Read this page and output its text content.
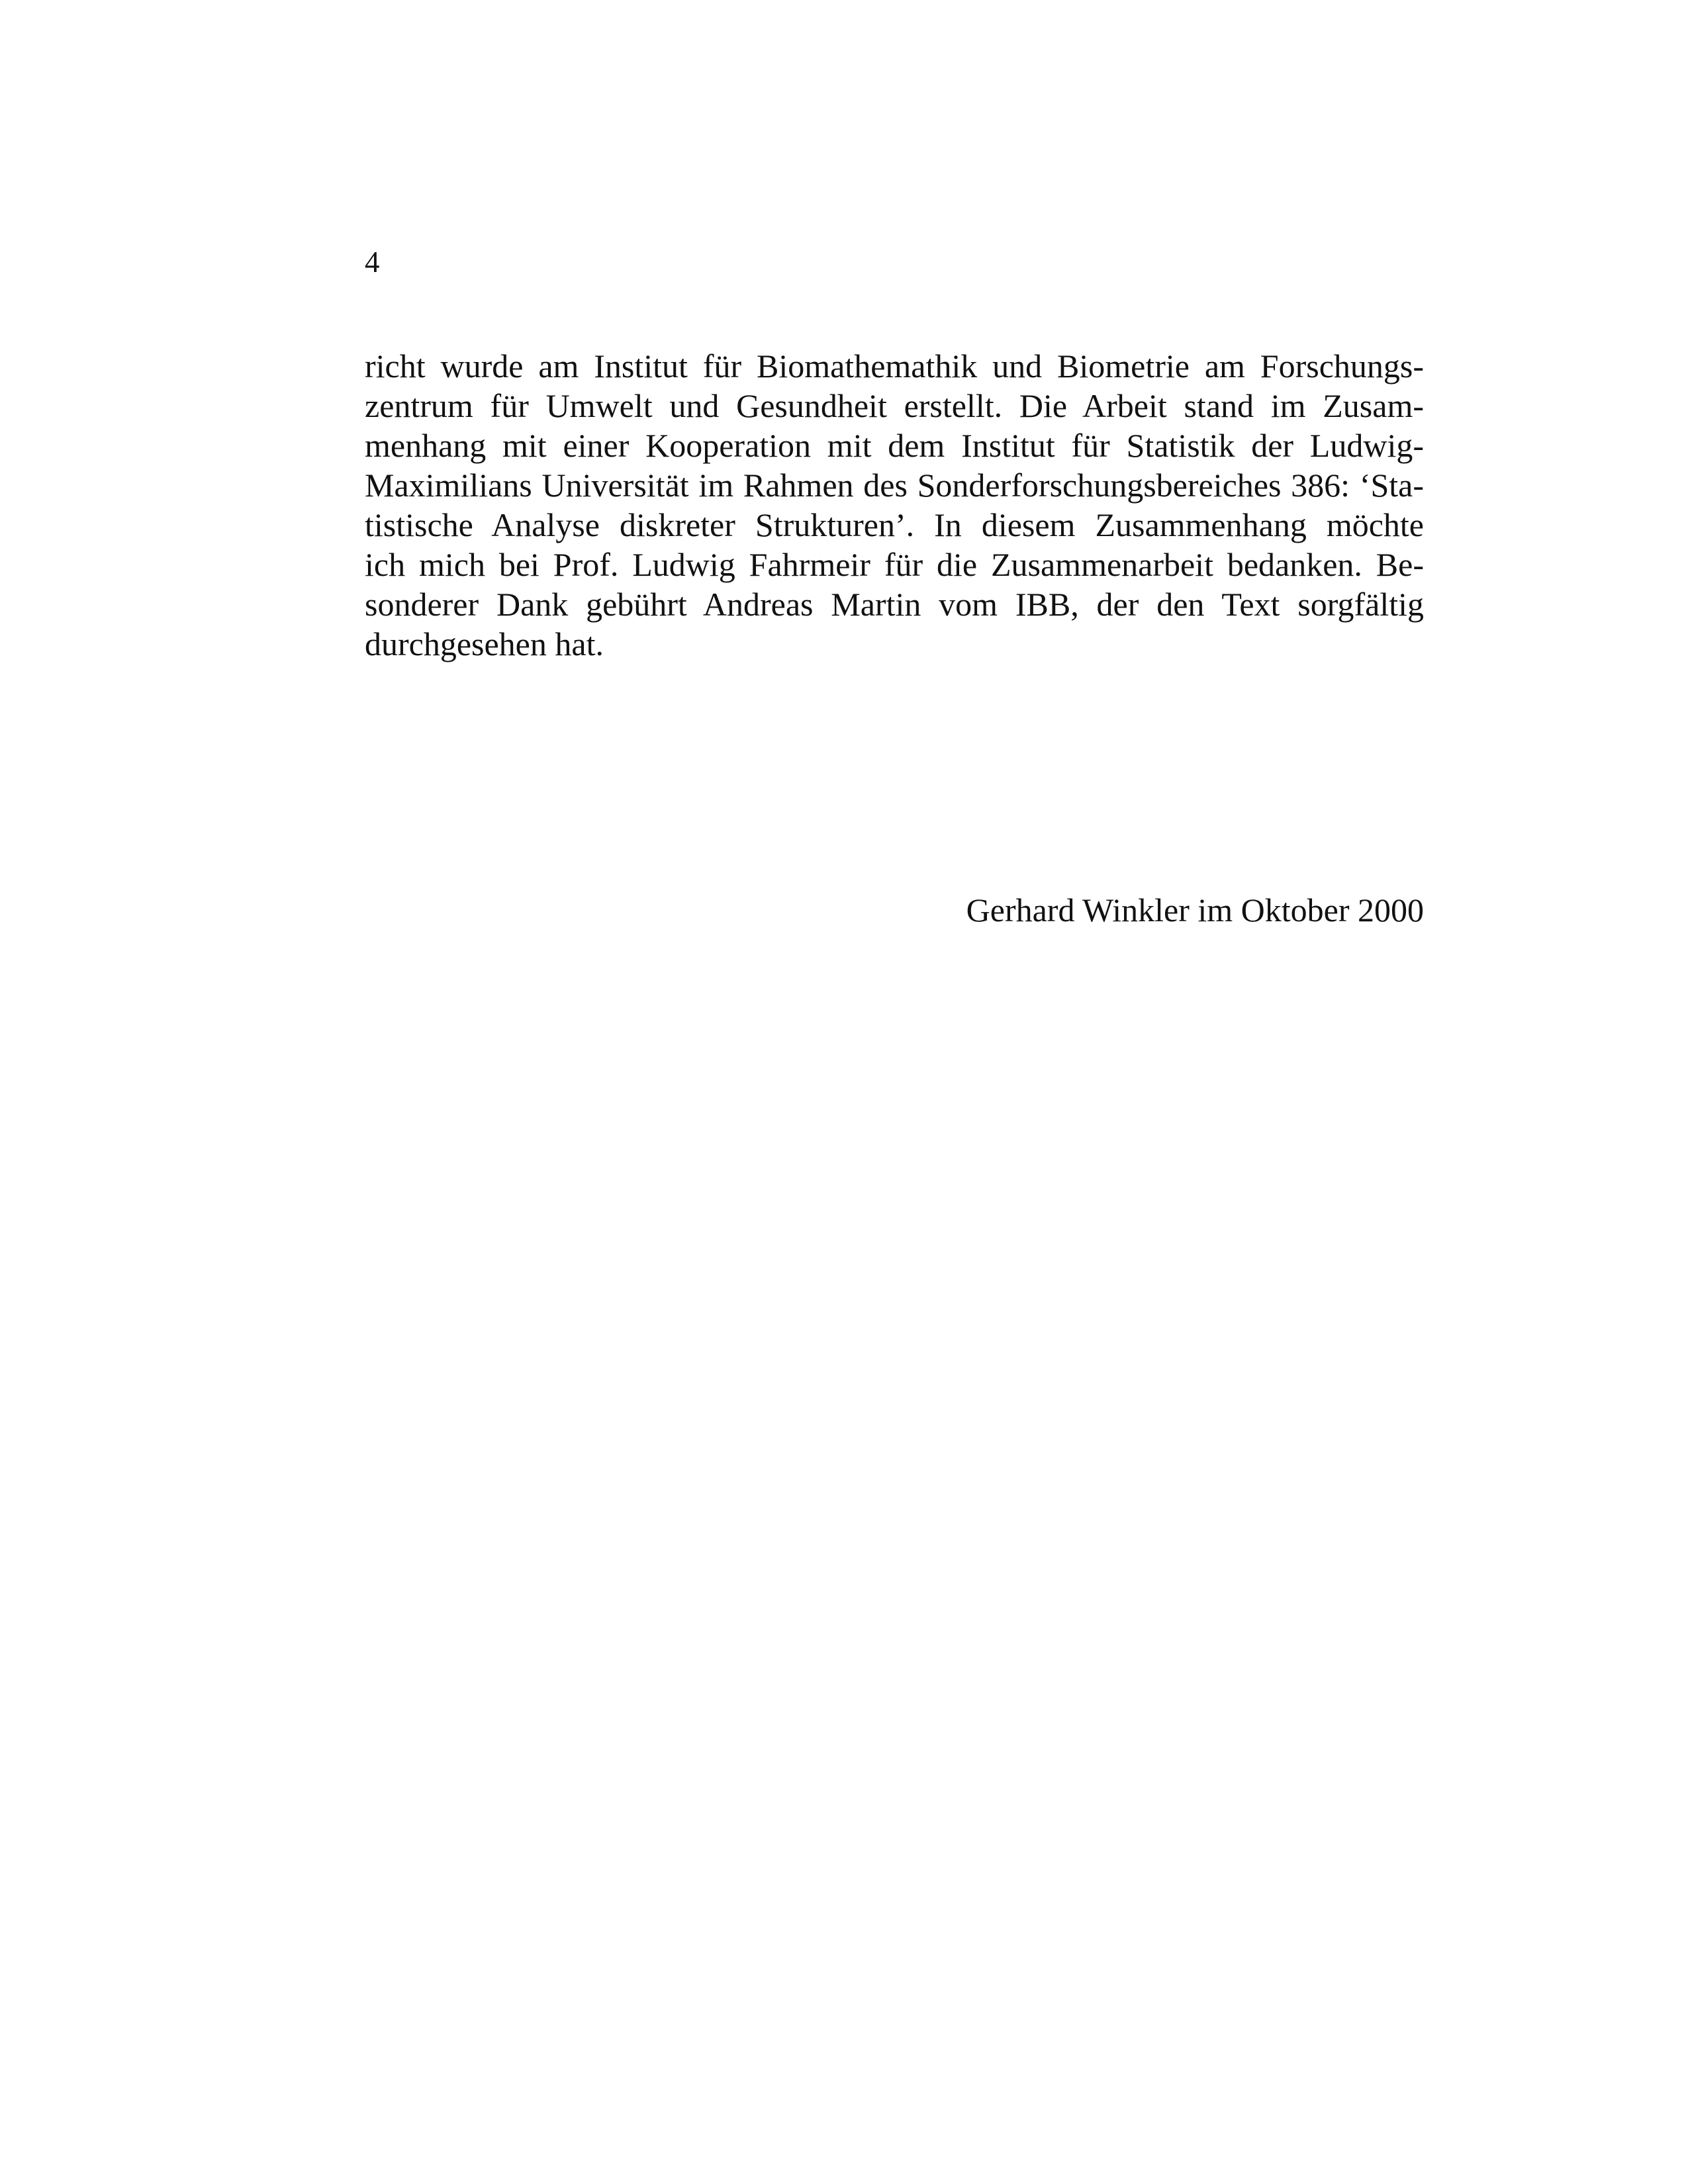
4
richt wurde am Institut für Biomathemathik und Biometrie am Forschungs-
zentrum für Umwelt und Gesundheit erstellt. Die Arbeit stand im Zusam-
menhang mit einer Kooperation mit dem Institut für Statistik der Ludwig-
Maximilians Universität im Rahmen des Sonderforschungsbereiches 386: ‘Sta-
tistische Analyse diskreter Strukturen’. In diesem Zusammenhang möchte
ich mich bei Prof. Ludwig Fahrmeir für die Zusammenarbeit bedanken. Be-
sonderer Dank gebührt Andreas Martin vom IBB, der den Text sorgfältig
durchgesehen hat.
Gerhard Winkler im Oktober 2000
